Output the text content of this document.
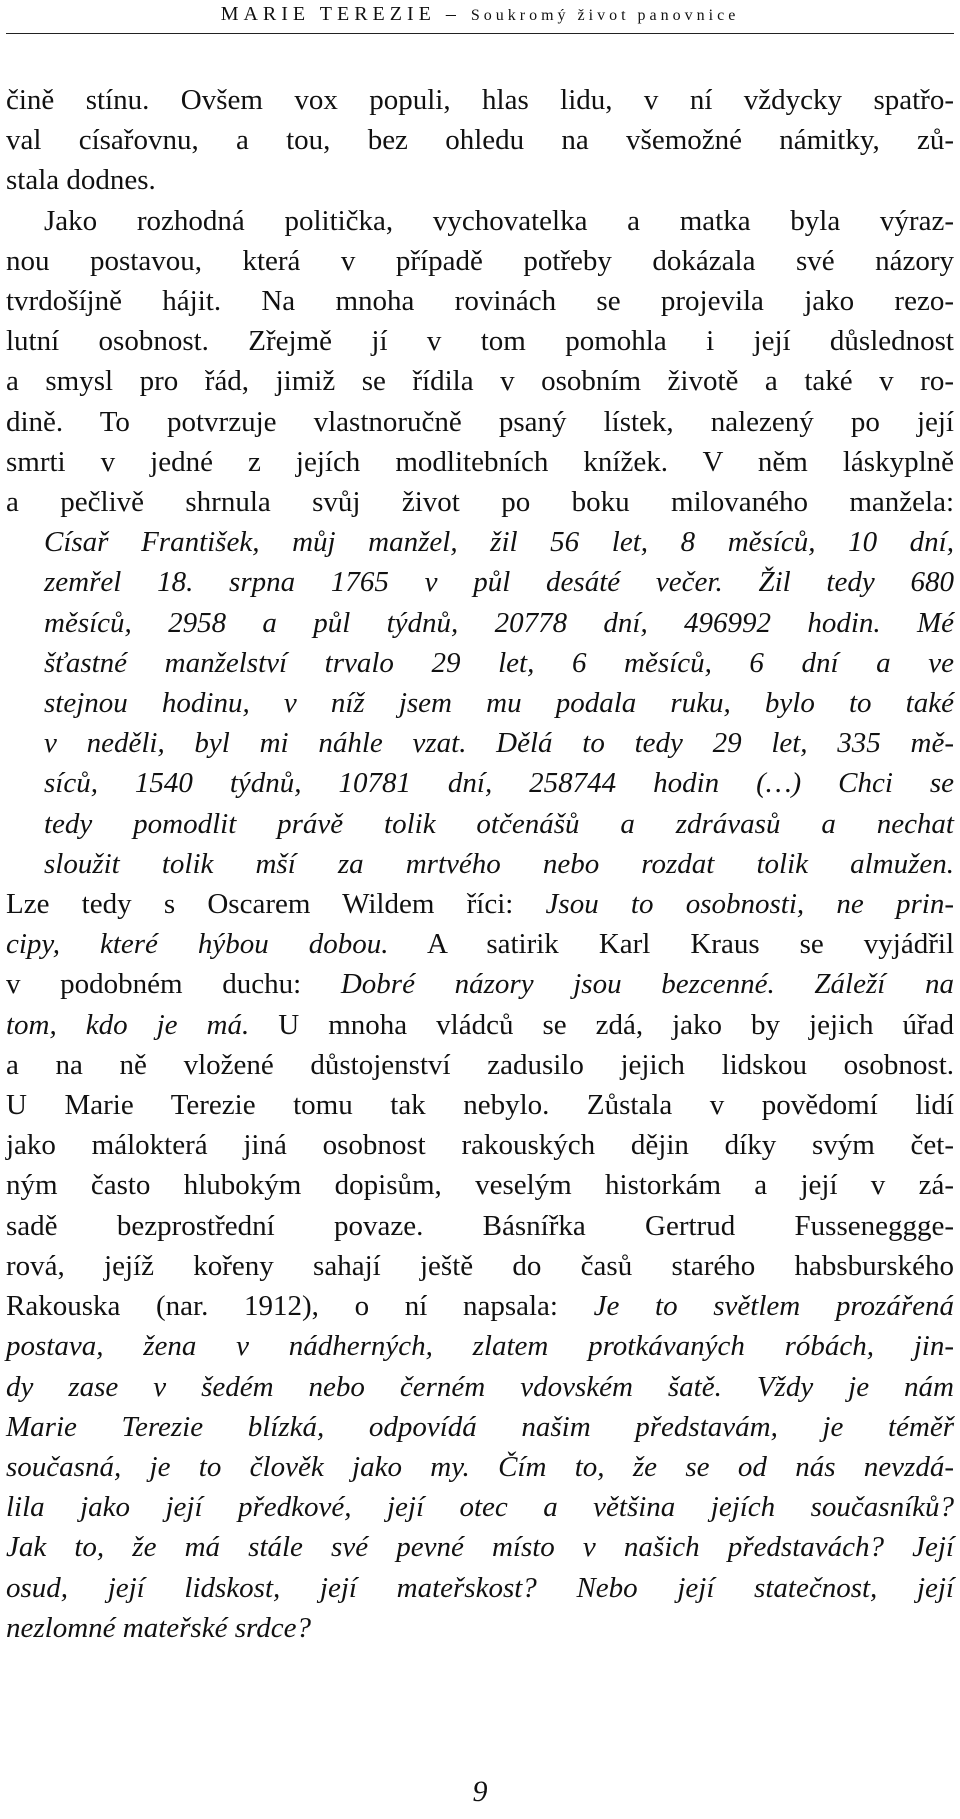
MARIE TEREZIE – Soukromý život panovnice
čině stínu. Ovšem vox populi, hlas lidu, v ní vždycky spatřo-
val císařovnu, a tou, bez ohledu na všemožné námitky, zů-
stala dodnes.
Jako rozhodná politička, vychovatelka a matka byla výraz-
nou postavou, která v případě potřeby dokázala své názory
tvrdošíjně hájit. Na mnoha rovinách se projevila jako rezo-
lutní osobnost. Zřejmě jí v tom pomohla i její důslednost
a smysl pro řád, jimiž se řídila v osobním životě a také v ro-
dině. To potvrzuje vlastnoručně psaný lístek, nalezený po její
smrti v jedné z jejích modlitebních knížek. V něm láskyplně
a pečlivě shrnula svůj život po boku milovaného manžela:
Císař František, můj manžel, žil 56 let, 8 měsíců, 10 dní,
zemřel 18. srpna 1765 v půl desáté večer. Žil tedy 680
měsíců, 2958 a půl týdnů, 20778 dní, 496992 hodin. Mé
šťastné manželství trvalo 29 let, 6 měsíců, 6 dní a ve
stejnou hodinu, v níž jsem mu podala ruku, bylo to také
v neděli, byl mi náhle vzat. Dělá to tedy 29 let, 335 mě-
síců, 1540 týdnů, 10781 dní, 258744 hodin (…) Chci se
tedy pomodlit právě tolik otčenášů a zdrávasů a nechat
sloužit tolik mší za mrtvého nebo rozdat tolik almužen.
Lze tedy s Oscarem Wildem říci: Jsou to osobnosti, ne prin-
cipy, které hýbou dobou. A satirik Karl Kraus se vyjádřil
v podobném duchu: Dobré názory jsou bezcenné. Záleží na
tom, kdo je má. U mnoha vládců se zdá, jako by jejich úřad
a na ně vložené důstojenství zadusilo jejich lidskou osobnost.
U Marie Terezie tomu tak nebylo. Zůstala v povědomí lidí
jako málokterá jiná osobnost rakouských dějin díky svým čet-
ným často hlubokým dopisům, veselým historkám a její v zá-
sadě bezprostřední povaze. Básnířka Gertrud Fusseneggge-
rová, jejíž kořeny sahají ještě do časů starého habsburského
Rakouska (nar. 1912), o ní napsala: Je to světlem prozářená
postava, žena v nádherných, zlatem protkávaných róbách, jin-
dy zase v šedém nebo černém vdovském šatě. Vždy je nám
Marie Terezie blízká, odpovídá našim představám, je téměř
současná, je to člověk jako my. Čím to, že se od nás nevzdá-
lila jako její předkové, její otec a většina jejích současníků?
Jak to, že má stále své pevné místo v našich představách? Její
osud, její lidskost, její mateřskost? Nebo její statečnost, její
nezlomné mateřské srdce?
9
